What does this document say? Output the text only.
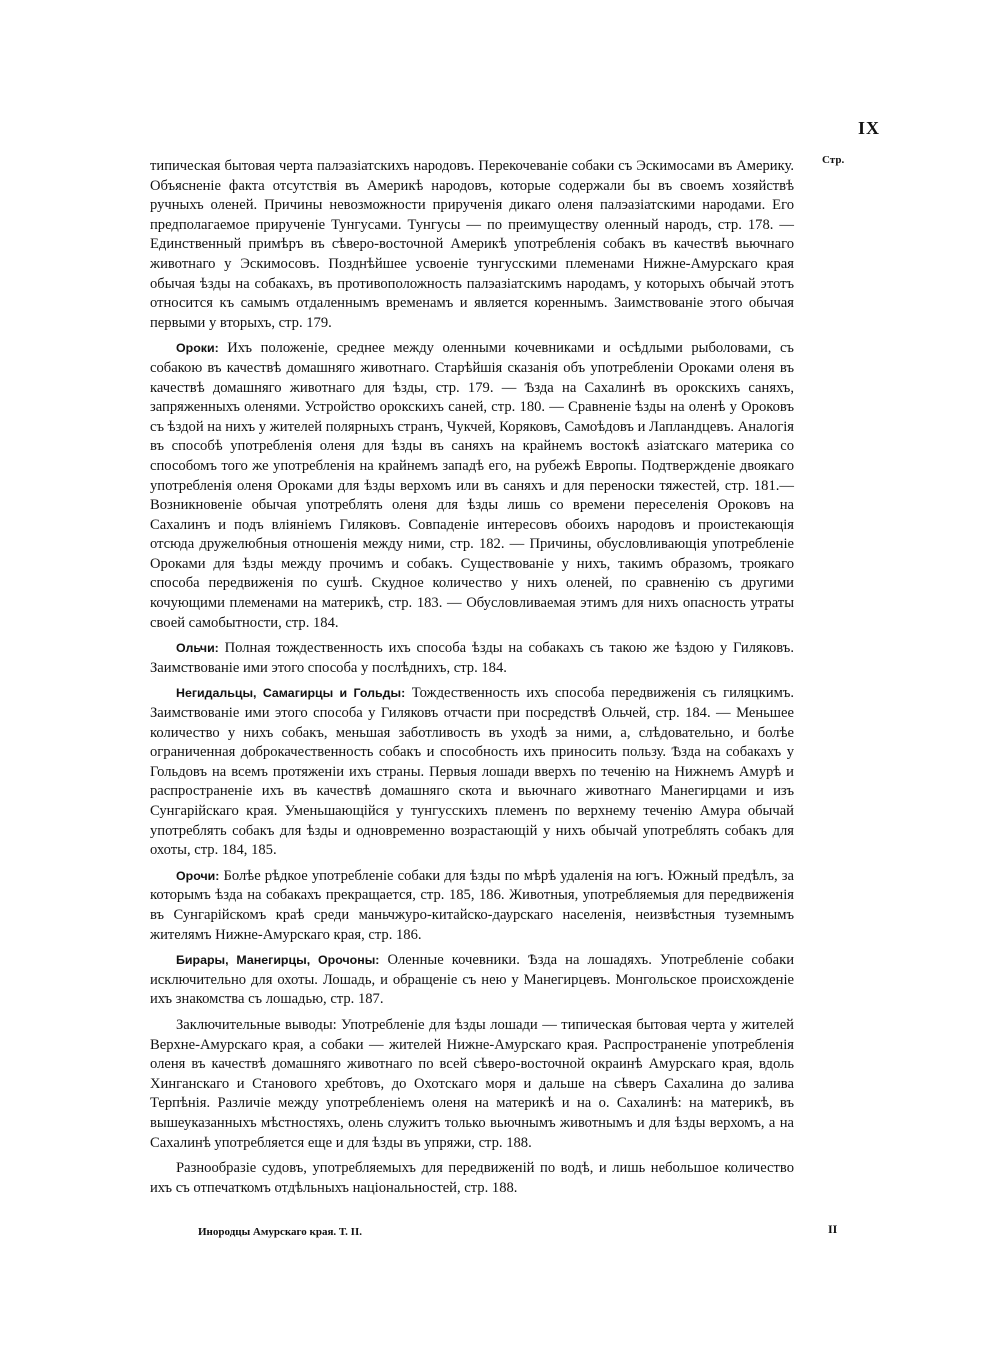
IX
Стр.

типическая бытовая черта палэазіатскихъ народовъ. Перекочеваніе собаки съ Эскимосами въ Америку. Объясненіе факта отсутствія въ Америкѣ народовъ, которые содержали бы въ своемъ хозяйствѣ ручныхъ оленей. Причины невозможности прирученія дикаго оленя палэазіатскими народами. Его предполагаемое прирученіе Тунгусами. Тунгусы — по преимуществу оленный народъ, стр. 178. — Единственный примѣръ въ сѣверо-восточной Америкѣ употребленія собакъ въ качествѣ вьючнаго животнаго у Эскимосовъ. Позднѣйшее усвоеніе тунгусскими племенами Нижне-Амурскаго края обычая ѣзды на собакахъ, въ противоположность палэазіатскимъ народамъ, у которыхъ обычай этотъ относится къ самымъ отдаленнымъ временамъ и является кореннымъ. Заимствованіе этого обычая первыми у вторыхъ, стр. 179.

Ороки: Ихъ положеніе, среднее между оленными кочевниками и осѣдлыми рыболовами, съ собакою въ качествѣ домашняго животнаго. Старѣйшія сказанія объ употребленіи Ороками оленя въ качествѣ домашняго животнаго для ѣзды, стр. 179. — Ѣзда на Сахалинѣ въ орокскихъ саняхъ, запряженныхъ оленями. Устройство орокскихъ саней, стр. 180. — Сравненіе ѣзды на оленѣ у Ороковъ съ ѣздой на нихъ у жителей полярныхъ странъ, Чукчей, Коряковъ, Самоѣдовъ и Лапландцевъ. Аналогія въ способѣ употребленія оленя для ѣзды въ саняхъ на крайнемъ востокѣ азіатскаго материка со способомъ того же употребленія на крайнемъ западѣ его, на рубежѣ Европы. Подтвержденіе двоякаго употребленія оленя Ороками для ѣзды верхомъ или въ саняхъ и для переноски тяжестей, стр. 181.— Возникновеніе обычая употреблять оленя для ѣзды лишь со времени переселенія Ороковъ на Сахалинъ и подъ вліяніемъ Гиляковъ. Совпаденіе интересовъ обоихъ народовъ и проистекающія отсюда дружелюбныя отношенія между ними, стр. 182. — Причины, обусловливающія употребленіе Ороками для ѣзды между прочимъ и собакъ. Существованіе у нихъ, такимъ образомъ, троякаго способа передвиженія по сушѣ. Скудное количество у нихъ оленей, по сравненію съ другими кочующими племенами на материкѣ, стр. 183. — Обусловливаемая этимъ для нихъ опасность утраты своей самобытности, стр. 184.

Ольчи: Полная тождественность ихъ способа ѣзды на собакахъ съ такою же ѣздою у Гиляковъ. Заимствованіе ими этого способа у послѣднихъ, стр. 184.

Негидальцы, Самагирцы и Гольды: Тождественность ихъ способа передвиженія съ гиляцкимъ. Заимствованіе ими этого способа у Гиляковъ отчасти при посредствѣ Ольчей, стр. 184. — Меньшее количество у нихъ собакъ, меньшая заботливость въ уходѣ за ними, а, слѣдовательно, и болѣе ограниченная доброкачественность собакъ и способность ихъ приносить пользу. Ѣзда на собакахъ у Гольдовъ на всемъ протяженіи ихъ страны. Первыя лошади вверхъ по теченію на Нижнемъ Амурѣ и распространеніе ихъ въ качествѣ домашняго скота и вьючнаго животнаго Манегирцами и изъ Сунгарійскаго края. Уменьшающійся у тунгусскихъ племенъ по верхнему теченію Амура обычай употреблять собакъ для ѣзды и одновременно возрастающій у нихъ обычай употреблять собакъ для охоты, стр. 184, 185.

Орочи: Болѣе рѣдкое употребленіе собаки для ѣзды по мѣрѣ удаленія на югъ. Южный предѣлъ, за которымъ ѣзда на собакахъ прекращается, стр. 185, 186. Животныя, употребляемыя для передвиженія въ Сунгарійскомъ краѣ среди маньчжуро-китайско-даурскаго населенія, неизвѣстныя туземнымъ жителямъ Нижне-Амурскаго края, стр. 186.

Бирары, Манегирцы, Орочоны: Оленные кочевники. Ѣзда на лошадяхъ. Употребленіе собаки исключительно для охоты. Лошадь, и обращеніе съ нею у Манегирцевъ. Монгольское происхожденіе ихъ знакомства съ лошадью, стр. 187.

Заключительные выводы: Употребленіе для ѣзды лошади — типическая бытовая черта у жителей Верхне-Амурскаго края, а собаки — жителей Нижне-Амурскаго края. Распространеніе употребленія оленя въ качествѣ домашняго животнаго по всей сѣверо-восточной окраинѣ Амурскаго края, вдоль Хинганскаго и Станового хребтовъ, до Охотскаго моря и дальше на сѣверъ Сахалина до залива Терпѣнія. Различіе между употребленіемъ оленя на материкѣ и на о. Сахалинѣ: на материкѣ, въ вышеуказанныхъ мѣстностяхъ, олень служитъ только вьючнымъ животнымъ и для ѣзды верхомъ, а на Сахалинѣ употребляется еще и для ѣзды въ упряжи, стр. 188.

Разнообразіе судовъ, употребляемыхъ для передвиженій по водѣ, и лишь небольшое количество ихъ съ отпечаткомъ отдѣльныхъ національностей, стр. 188.

Инородцы Амурскаго края. Т. II.	II
